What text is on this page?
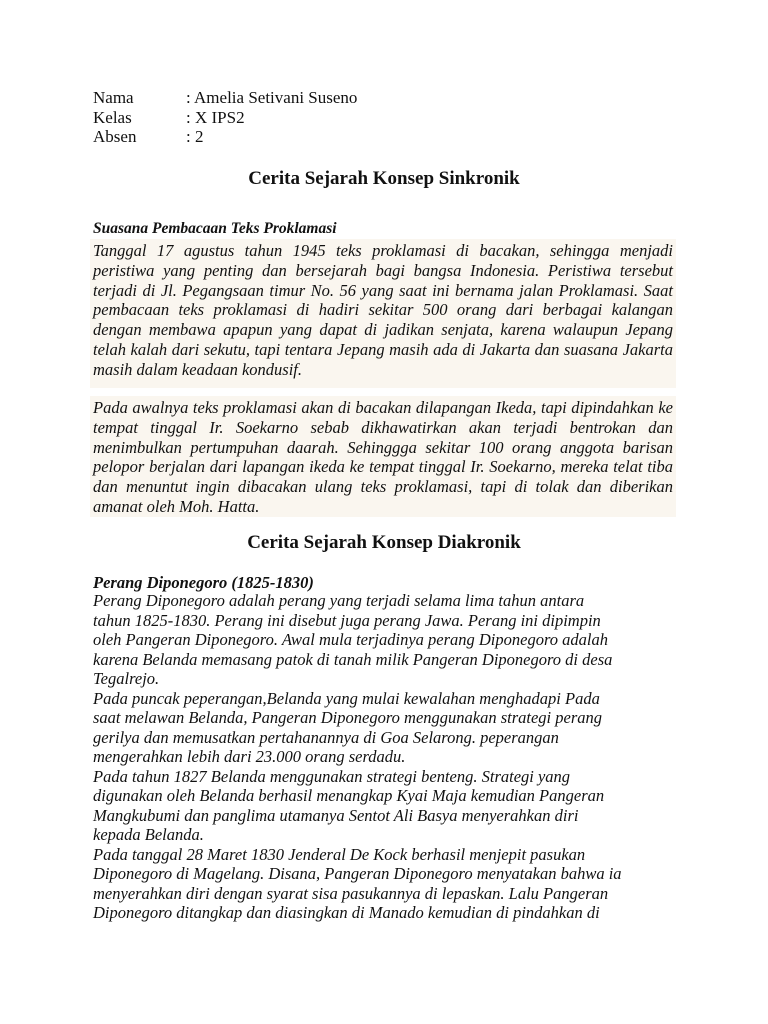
Nama	: Amelia Setivani Suseno
Kelas	: X IPS2
Absen	: 2
Cerita Sejarah Konsep Sinkronik
Suasana Pembacaan Teks Proklamasi

Tanggal 17 agustus tahun 1945 teks proklamasi di bacakan, sehingga menjadi peristiwa yang penting dan bersejarah bagi bangsa Indonesia. Peristiwa tersebut terjadi di Jl. Pegangsaan timur No. 56 yang saat ini bernama jalan Proklamasi. Saat pembacaan teks proklamasi di hadiri sekitar 500 orang dari berbagai kalangan dengan membawa apapun yang dapat di jadikan senjata, karena walaupun Jepang telah kalah dari sekutu, tapi tentara Jepang masih ada di Jakarta dan suasana Jakarta masih dalam keadaan kondusif.

Pada awalnya teks proklamasi akan di bacakan dilapangan Ikeda, tapi dipindahkan ke tempat tinggal Ir. Soekarno sebab dikhawatirkan akan terjadi bentrokan dan menimbulkan pertumpuhan daarah. Sehinggga sekitar 100 orang anggota barisan pelopor berjalan dari lapangan ikeda ke tempat tinggal Ir. Soekarno, mereka telat tiba dan menuntut ingin dibacakan ulang teks proklamasi, tapi di tolak dan diberikan amanat oleh Moh. Hatta.

Cerita Sejarah Konsep Diakronik
Perang Diponegoro (1825-1830)
Perang Diponegoro adalah perang yang terjadi selama lima tahun antara
tahun 1825-1830. Perang ini disebut juga perang Jawa. Perang ini dipimpin
oleh Pangeran Diponegoro. Awal mula terjadinya perang Diponegoro adalah
karena Belanda memasang patok di tanah milik Pangeran Diponegoro di desa
Tegalrejo.
Pada puncak peperangan,Belanda yang mulai kewalahan menghadapi Pada
saat melawan Belanda, Pangeran Diponegoro menggunakan strategi perang
gerilya dan memusatkan pertahanannya di Goa Selarong. peperangan
mengerahkan lebih dari 23.000 orang serdadu.
Pada tahun 1827 Belanda menggunakan strategi benteng. Strategi yang
digunakan oleh Belanda berhasil menangkap Kyai Maja kemudian Pangeran
Mangkubumi dan panglima utamanya Sentot Ali Basya menyerahkan diri
kepada Belanda.
Pada tanggal 28 Maret 1830 Jenderal De Kock berhasil menjepit pasukan
Diponegoro di Magelang. Disana, Pangeran Diponegoro menyatakan bahwa ia
menyerahkan diri dengan syarat sisa pasukannya di lepaskan. Lalu Pangeran
Diponegoro ditangkap dan diasingkan di Manado kemudian di pindahkan di
